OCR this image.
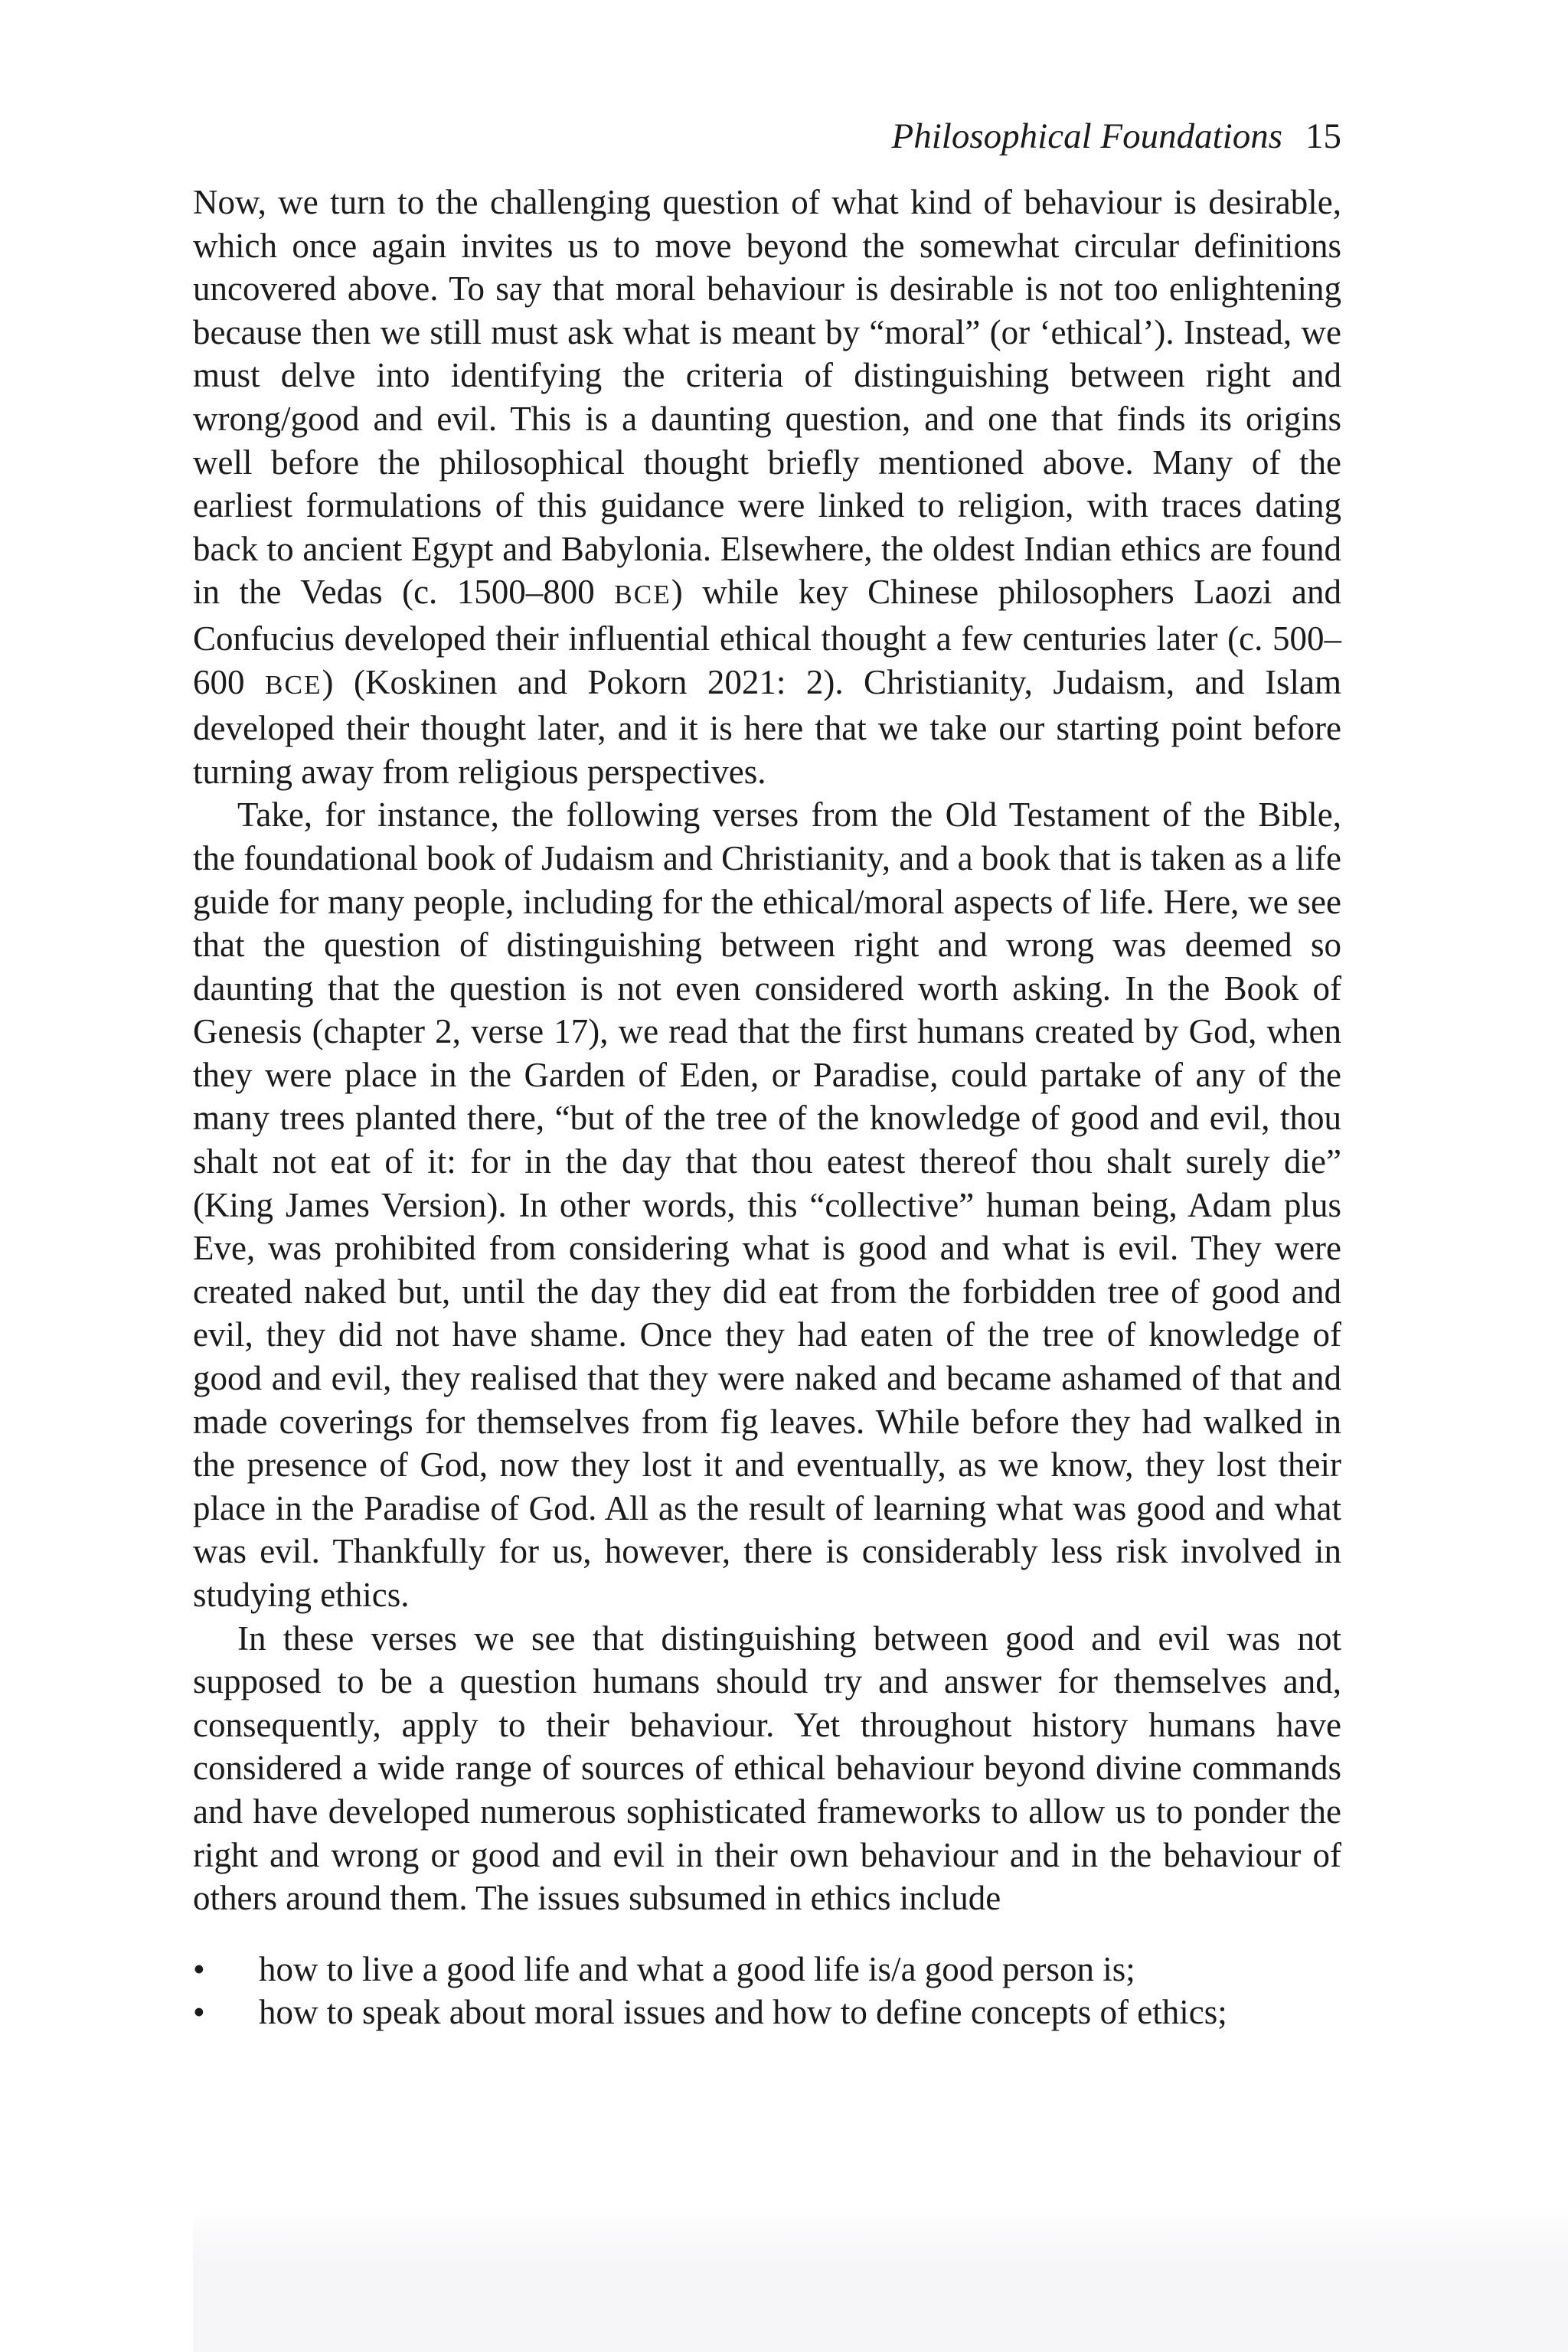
Philosophical Foundations 15

Now, we turn to the challenging question of what kind of behaviour is desirable, which once again invites us to move beyond the somewhat circular definitions uncovered above. To say that moral behaviour is desirable is not too enlightening because then we still must ask what is meant by “moral” (or ‘ethical’). Instead, we must delve into identifying the criteria of distinguishing between right and wrong/good and evil. This is a daunting question, and one that finds its origins well before the philosophical thought briefly mentioned above. Many of the earliest formulations of this guidance were linked to religion, with traces dating back to ancient Egypt and Babylonia. Elsewhere, the oldest Indian ethics are found in the Vedas (c. 1500–800 BCE) while key Chinese philosophers Laozi and Confucius developed their influential ethical thought a few centuries later (c. 500–600 BCE) (Koskinen and Pokorn 2021: 2). Christianity, Judaism, and Islam developed their thought later, and it is here that we take our starting point before turning away from religious perspectives.

Take, for instance, the following verses from the Old Testament of the Bible, the foundational book of Judaism and Christianity, and a book that is taken as a life guide for many people, including for the ethical/moral aspects of life. Here, we see that the question of distinguishing between right and wrong was deemed so daunting that the question is not even considered worth asking. In the Book of Genesis (chapter 2, verse 17), we read that the first humans created by God, when they were place in the Garden of Eden, or Paradise, could partake of any of the many trees planted there, “but of the tree of the knowledge of good and evil, thou shalt not eat of it: for in the day that thou eatest thereof thou shalt surely die” (King James Version). In other words, this “collective” human being, Adam plus Eve, was prohibited from considering what is good and what is evil. They were created naked but, until the day they did eat from the forbidden tree of good and evil, they did not have shame. Once they had eaten of the tree of knowledge of good and evil, they realised that they were naked and became ashamed of that and made coverings for themselves from fig leaves. While before they had walked in the presence of God, now they lost it and eventually, as we know, they lost their place in the Paradise of God. All as the result of learning what was good and what was evil. Thankfully for us, however, there is considerably less risk involved in studying ethics.

In these verses we see that distinguishing between good and evil was not supposed to be a question humans should try and answer for themselves and, consequently, apply to their behaviour. Yet throughout history humans have considered a wide range of sources of ethical behaviour beyond divine commands and have developed numerous sophisticated frameworks to allow us to ponder the right and wrong or good and evil in their own behaviour and in the behaviour of others around them. The issues subsumed in ethics include

• how to live a good life and what a good life is/a good person is;
• how to speak about moral issues and how to define concepts of ethics;
